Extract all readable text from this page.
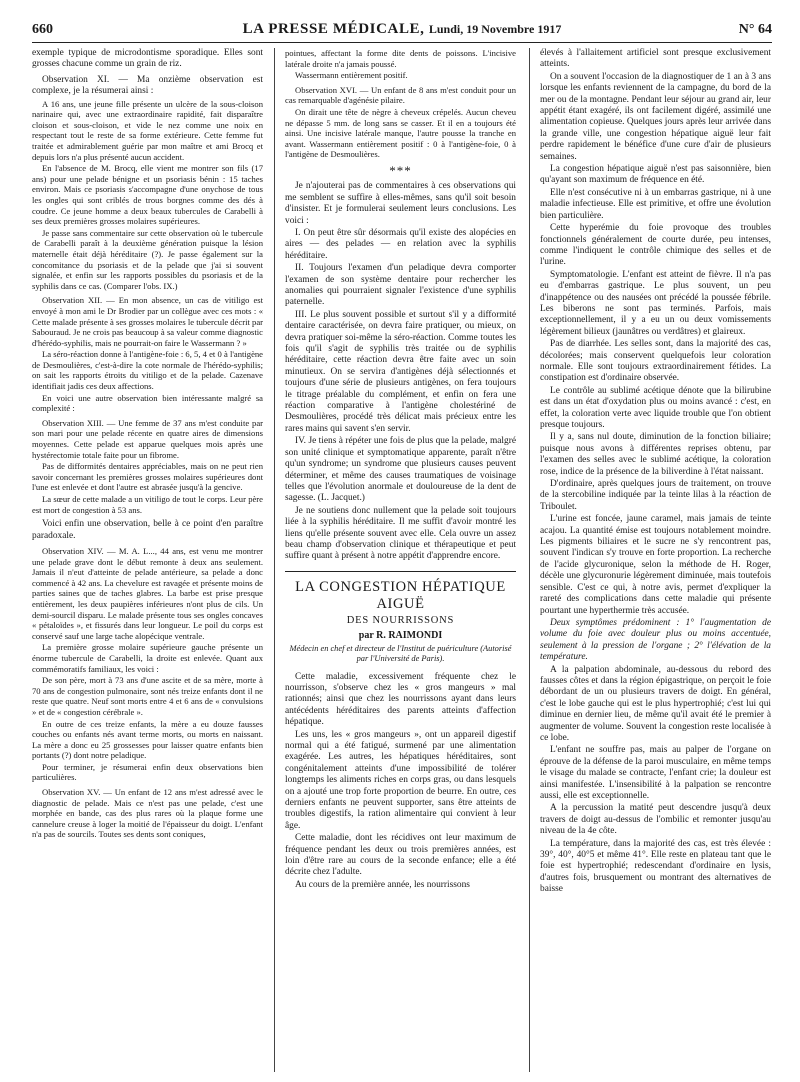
660	LA PRESSE MÉDICALE, Lundi, 19 Novembre 1917	N° 64

exemple typique de microdontisme sporadique. Elles sont grosses chacune comme un grain de riz.

Observation XI. — Ma onzième observation est complexe, je la résumerai ainsi :

A 16 ans, une jeune fille présente un ulcère de la sous-cloison narinaire qui, avec une extraordinaire rapidité, fait disparaître cloison et sous-cloison, et vide le nez comme une noix en respectant tout le reste de sa forme extérieure. Cette femme fut traitée et admirablement guérie par mon maître et ami Brocq et depuis lors n'a plus présenté aucun accident.

En l'absence de M. Brocq, elle vient me montrer son fils (17 ans) pour une pelade bénigne et un psoriasis bénin : 15 taches environ. Mais ce psoriasis s'accompagne d'une onychose de tous les ongles qui sont criblés de trous borgnes comme des dés à coudre. Ce jeune homme a deux beaux tubercules de Carabelli à ses deux premières grosses molaires supérieures.

Je passe sans commentaire sur cette observation où le tubercule de Carabelli paraît à la deuxième génération puisque la lésion maternelle était déjà héréditaire (?). Je passe également sur la concomitance du psoriasis et de la pelade que j'ai si souvent signalée, et enfin sur les rapports possibles du psoriasis et de la syphilis dans ce cas. (Comparer l'obs. IX.)

Observation XII. — En mon absence, un cas de vitiligo est envoyé à mon ami le Dr Brodier par un collègue avec ces mots : « Cette malade présente à ses grosses molaires le tubercule décrit par Sabouraud. Je ne crois pas beaucoup à sa valeur comme diagnostic d'hérédo-syphilis, mais ne pourrait-on faire le Wassermann ? »

La séro-réaction donne à l'antigène-foie : 6, 5, 4 et 0 à l'antigène de Desmoulières, c'est-à-dire la cote normale de l'hérédo-syphilis; on sait les rapports étroits du vitiligo et de la pelade. Cazenave identifiait jadis ces deux affections.

En voici une autre observation bien intéressante malgré sa complexité :

Observation XIII. — Une femme de 37 ans m'est conduite par son mari pour une pelade récente en quatre aires de dimensions moyennes. Cette pelade est apparue quelques mois après une hystérectomie totale faite pour un fibrome.

Pas de difformités dentaires appréciables, mais on ne peut rien savoir concernant les premières grosses molaires supérieures dont l'une est enlevée et dont l'autre est abrasée jusqu'à la gencive.

La sœur de cette malade a un vitiligo de tout le corps. Leur père est mort de congestion à 53 ans.

Voici enfin une observation, belle à ce point d'en paraître paradoxale.

Observation XIV. — M. A. L..., 44 ans, est venu me montrer une pelade grave dont le début remonte à deux ans seulement. Jamais il n'eut d'atteinte de pelade antérieure, sa pelade a donc commencé à 42 ans. La chevelure est ravagée et présente moins de parties saines que de taches glabres. La barbe est prise presque entièrement, les deux paupières inférieures n'ont plus de cils. Un demi-sourcil disparu. Le malade présente tous ses ongles concaves « pétaloïdes », et fissurés dans leur longueur. Le poil du corps est conservé sauf une large tache alopécique ventrale.

La première grosse molaire supérieure gauche présente un énorme tubercule de Carabelli, la droite est enlevée. Quant aux commémoratifs familiaux, les voici :

De son père, mort à 73 ans d'une ascite et de sa mère, morte à 70 ans de congestion pulmonaire, sont nés treize enfants dont il ne reste que quatre. Neuf sont morts entre 4 et 6 ans de « convulsions » et de « congestion cérébrale ».

En outre de ces treize enfants, la mère a eu douze fausses couches ou enfants nés avant terme morts, ou morts en naissant. La mère a donc eu 25 grossesses pour laisser quatre enfants bien portants (?) dont notre peladique.

Pour terminer, je résumerai enfin deux observations bien particulières.

Observation XV. — Un enfant de 12 ans m'est adressé avec le diagnostic de pelade. Mais ce n'est pas une pelade, c'est une morphée en bande, cas des plus rares où la plaque forme une cannelure creuse à loger la moitié de l'épaisseur du doigt. L'enfant n'a pas de sourcils. Toutes ses dents sont coniques,

pointues, affectant la forme dite dents de poissons. L'incisive latérale droite n'a jamais poussé.

Wassermann entièrement positif.

Observation XVI. — Un enfant de 8 ans m'est conduit pour un cas remarquable d'agénésie pilaire.

On dirait une tête de nègre à cheveux crépelés. Aucun cheveu ne dépasse 5 mm. de long sans se casser. Et il en a toujours été ainsi. Une incisive latérale manque, l'autre pousse la tranche en avant. Wassermann entièrement positif : 0 à l'antigène-foie, 0 à l'antigène de Desmoulières.

***

Je n'ajouterai pas de commentaires à ces observations qui me semblent se suffire à elles-mêmes, sans qu'il soit besoin d'insister. Et je formulerai seulement leurs conclusions. Les voici :

I. On peut être sûr désormais qu'il existe des alopécies en aires — des pelades — en relation avec la syphilis héréditaire.

II. Toujours l'examen d'un peladique devra comporter l'examen de son système dentaire pour rechercher les anomalies qui pourraient signaler l'existence d'une syphilis paternelle.

III. Le plus souvent possible et surtout s'il y a difformité dentaire caractérisée, on devra faire pratiquer, ou mieux, on devra pratiquer soi-même la séro-réaction. Comme toutes les fois qu'il s'agit de syphilis très traitée ou de syphilis héréditaire, cette réaction devra être faite avec un soin minutieux. On se servira d'antigènes déjà sélectionnés et toujours d'une série de plusieurs antigènes, on fera toujours le titrage préalable du complément, et enfin on fera une réaction comparative à l'antigène cholestériné de Desmoulières, procédé très délicat mais précieux entre les rares mains qui savent s'en servir.

IV. Je tiens à répéter une fois de plus que la pelade, malgré son unité clinique et symptomatique apparente, paraît n'être qu'un syndrome; un syndrome que plusieurs causes peuvent déterminer, et même des causes traumatiques de voisinage telles que l'évolution anormale et douloureuse de la dent de sagesse. (L. Jacquet.)

Je ne soutiens donc nullement que la pelade soit toujours liée à la syphilis héréditaire. Il me suffit d'avoir montré les liens qu'elle présente souvent avec elle. Cela ouvre un assez beau champ d'observation clinique et thérapeutique et peut suffire quant à présent à notre appétit d'apprendre encore.

LA CONGESTION HÉPATIQUE AIGUË
DES NOURRISSONS
par R. RAIMONDI
Médecin en chef et directeur de l'Institut de puériculture (Autorisé par l'Université de Paris).

Cette maladie, excessivement fréquente chez le nourrisson, s'observe chez les « gros mangeurs » mal rationnés; ainsi que chez les nourrissons ayant dans leurs antécédents héréditaires des parents atteints d'affection hépatique.

Les uns, les « gros mangeurs », ont un appareil digestif normal qui a été fatigué, surmené par une alimentation exagérée. Les autres, les hépatiques héréditaires, sont congénitalement atteints d'une impossibilité de tolérer longtemps les aliments riches en corps gras, ou dans lesquels on a ajouté une trop forte proportion de beurre. En outre, ces derniers enfants ne peuvent supporter, sans être atteints de troubles digestifs, la ration alimentaire qui convient à leur âge.

Cette maladie, dont les récidives ont leur maximum de fréquence pendant les deux ou trois premières années, est loin d'être rare au cours de la seconde enfance; elle a été décrite chez l'adulte.

Au cours de la première année, les nourrissons

élevés à l'allaitement artificiel sont presque exclusivement atteints.

On a souvent l'occasion de la diagnostiquer de 1 an à 3 ans lorsque les enfants reviennent de la campagne, du bord de la mer ou de la montagne. Pendant leur séjour au grand air, leur appétit étant exagéré, ils ont facilement digéré, assimilé une alimentation copieuse. Quelques jours après leur arrivée dans la grande ville, une congestion hépatique aiguë leur fait perdre rapidement le bénéfice d'une cure d'air de plusieurs semaines.

La congestion hépatique aiguë n'est pas saisonnière, bien qu'ayant son maximum de fréquence en été.

Elle n'est consécutive ni à un embarras gastrique, ni à une maladie infectieuse. Elle est primitive, et offre une évolution bien particulière.

Cette hyperémie du foie provoque des troubles fonctionnels généralement de courte durée, peu intenses, comme l'indiquent le contrôle chimique des selles et de l'urine.

Symptomatologie. L'enfant est atteint de fièvre. Il n'a pas eu d'embarras gastrique. Le plus souvent, un peu d'inappétence ou des nausées ont précédé la poussée fébrile. Les biberons ne sont pas terminés. Parfois, mais exceptionnellement, il y a eu un ou deux vomissements légèrement bilieux (jaunâtres ou verdâtres) et glaireux.

Pas de diarrhée. Les selles sont, dans la majorité des cas, décolorées; mais conservent quelquefois leur coloration normale. Elle sont toujours extraordinairement fétides. La constipation est d'ordinaire observée.

Le contrôle au sublimé acétique dénote que la bilirubine est dans un état d'oxydation plus ou moins avancé : c'est, en effet, la coloration verte avec liquide trouble que l'on obtient presque toujours.

Il y a, sans nul doute, diminution de la fonction biliaire; puisque nous avons à différentes reprises obtenu, par l'examen des selles avec le sublimé acétique, la coloration rose, indice de la présence de la biliverdine à l'état naissant.

D'ordinaire, après quelques jours de traitement, on trouve de la stercobiline indiquée par la teinte lilas à la réaction de Triboulet.

L'urine est foncée, jaune caramel, mais jamais de teinte acajou. La quantité émise est toujours notablement moindre. Les pigments biliaires et le sucre ne s'y rencontrent pas, souvent l'indican s'y trouve en forte proportion. La recherche de l'acide glycuronique, selon la méthode de H. Roger, décèle une glycuronurie légèrement diminuée, mais toutefois sensible. C'est ce qui, à notre avis, permet d'expliquer la rareté des complications dans cette maladie qui présente pourtant une hyperthermie très accusée.

Deux symptômes prédominent : 1° l'augmentation de volume du foie avec douleur plus ou moins accentuée, seulement à la pression de l'organe ; 2° l'élévation de la température.

A la palpation abdominale, au-dessous du rebord des fausses côtes et dans la région épigastrique, on perçoit le foie débordant de un ou plusieurs travers de doigt. En général, c'est le lobe gauche qui est le plus hypertrophié; c'est lui qui diminue en dernier lieu, de même qu'il avait été le premier à augmenter de volume. Souvent la congestion reste localisée à ce lobe.

L'enfant ne souffre pas, mais au palper de l'organe on éprouve de la défense de la paroi musculaire, en même temps le visage du malade se contracte, l'enfant crie; la douleur est ainsi manifestée. L'insensibilité à la palpation se rencontre aussi, elle est exceptionnelle.

A la percussion la matité peut descendre jusqu'à deux travers de doigt au-dessus de l'ombilic et remonter jusqu'au niveau de la 4e côte.

La température, dans la majorité des cas, est très élevée : 39°, 40°, 40°5 et même 41°. Elle reste en plateau tant que le foie est hypertrophié; redescendant d'ordinaire en lysis, d'autres fois, brusquement ou montrant des alternatives de baisse
